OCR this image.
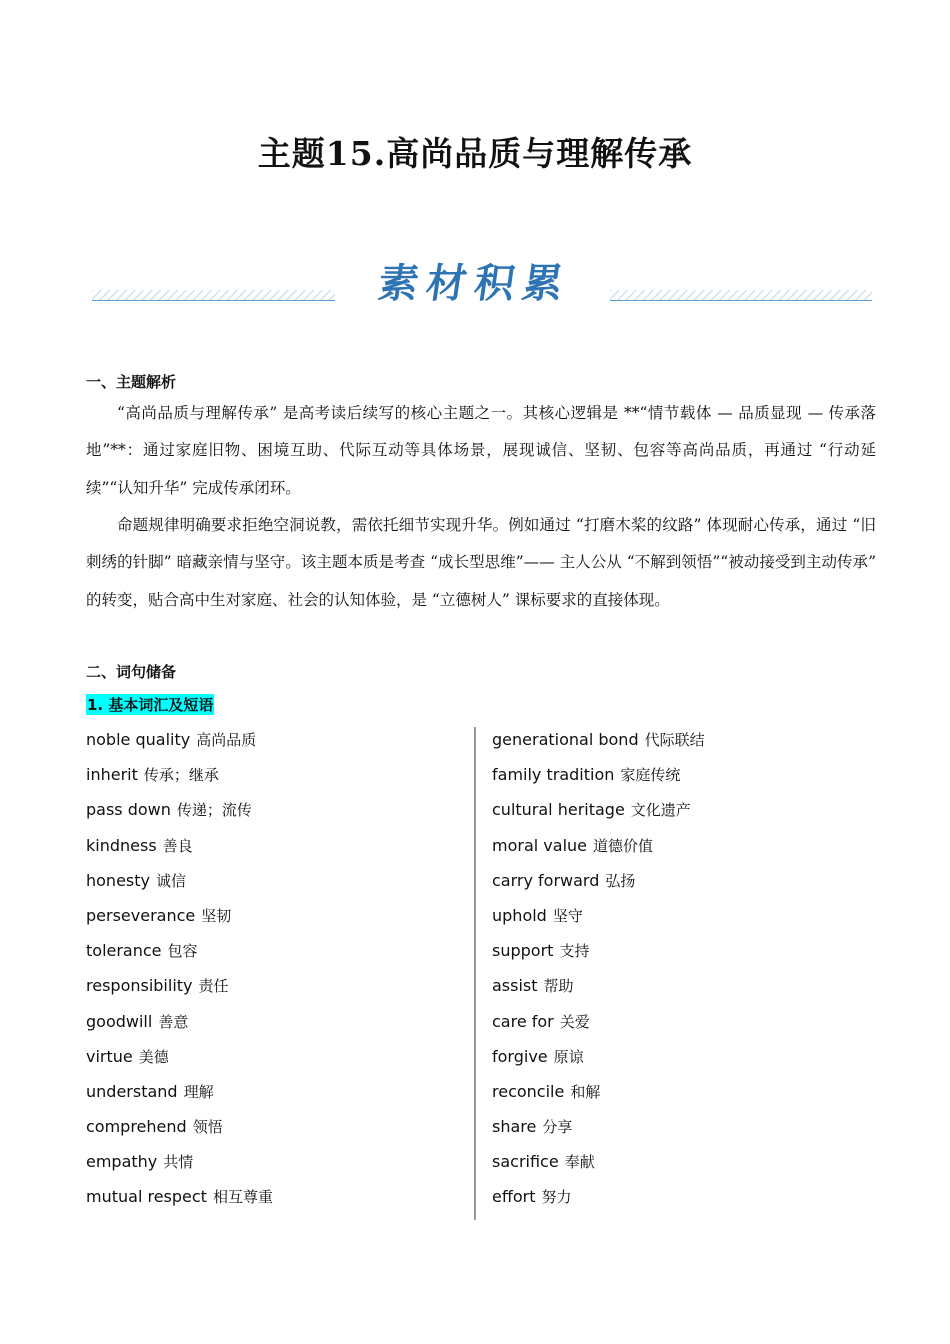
主题15.高尚品质与理解传承
素材积累
一、主题解析

“高尚品质与理解传承” 是高考读后续写的核心主题之一。其核心逻辑是 **“情节载体 — 品质显现 — 传承落地”**：通过家庭旧物、困境互助、代际互动等具体场景，展现诚信、坚韧、包容等高尚品质，再通过 “行动延续”“认知升华” 完成传承闭环。

命题规律明确要求拒绝空洞说教，需依托细节实现升华。例如通过 “打磨木桨的纹路” 体现耐心传承，通过 “旧刺绣的针脚” 暗藏亲情与坚守。该主题本质是考查 “成长型思维”—— 主人公从 “不解到领悟”“被动接受到主动传承” 的转变，贴合高中生对家庭、社会的认知体验，是 “立德树人” 课标要求的直接体现。

二、词句储备
1. 基本词汇及短语
noble quality 高尚品质
inherit 传承；继承
pass down 传递；流传
kindness 善良
honesty 诚信
perseverance 坚韧
tolerance 包容
responsibility 责任
goodwill 善意
virtue 美德
understand 理解
comprehend 领悟
empathy 共情
mutual respect 相互尊重
generational bond 代际联结
family tradition 家庭传统
cultural heritage 文化遗产
moral value 道德价值
carry forward 弘扬
uphold 坚守
support 支持
assist 帮助
care for 关爱
forgive 原谅
reconcile 和解
share 分享
sacrifice 奉献
effort 努力
